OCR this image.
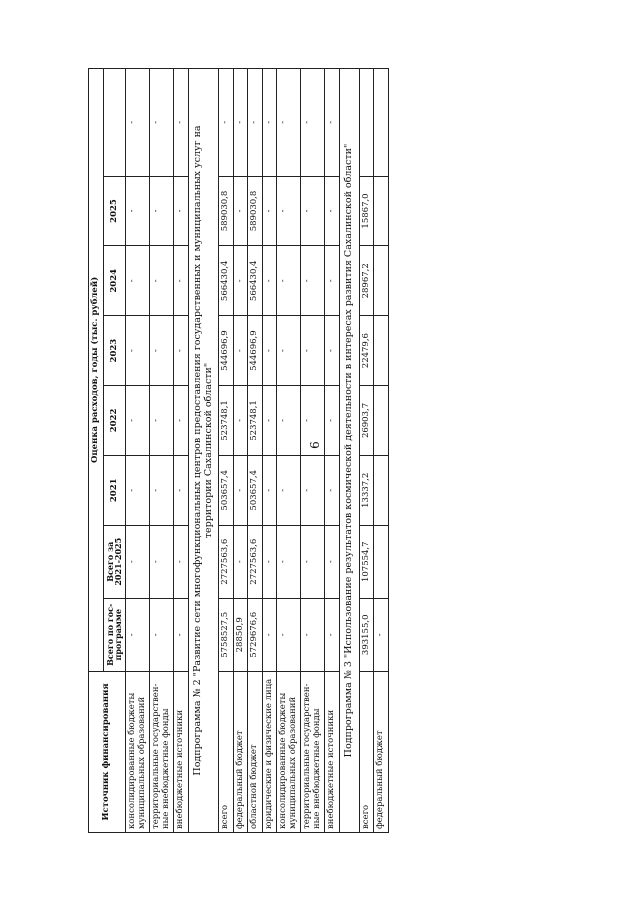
6
Источник финансирования	Оценка расходов, годы (тыс. рублей)							
	Всего по гос-программе	Всего за 2021-2025	2021	2022	2023	2024	2025	
консолидированные бюджеты муниципальных образований	-	-	-	-	-	-	-	-
территориальные государствен-ные внебюджетные фонды	-	-	-	-	-	-	-	-
внебюджетные источники	-	-	-	-	-	-	-	-
Подпрограмма № 2 "Развитие сети многофункциональных центров предоставления государственных и муниципальных услуг на территории Сахалинской области"								
всего	5758527,5	2727563,6	503657,4	523748,1	544696,9	566430,4	589030,8	-
федеральный бюджет	28850,9	-	-	-	-	-	-	-
областной бюджет	5729676,6	2727563,6	503657,4	523748,1	544696,9	566430,4	589030,8	-
юридические и физические лица	-	-	-	-	-	-	-	-
консолидированные бюджеты муниципальных образований	-	-	-	-	-	-	-	-
территориальные государствен-ные внебюджетные фонды	-	-	-	-	-	-	-	-
внебюджетные источники	-	-	-	-	-	-	-	-
Подпрограмма № 3 "Использование результатов космической деятельности в интересах развития Сахалинской области"								
всего	393155,0	107554,7	13337,2	26903,7	22479,6	28967,2	15867,0	
федеральный бюджет	-							
